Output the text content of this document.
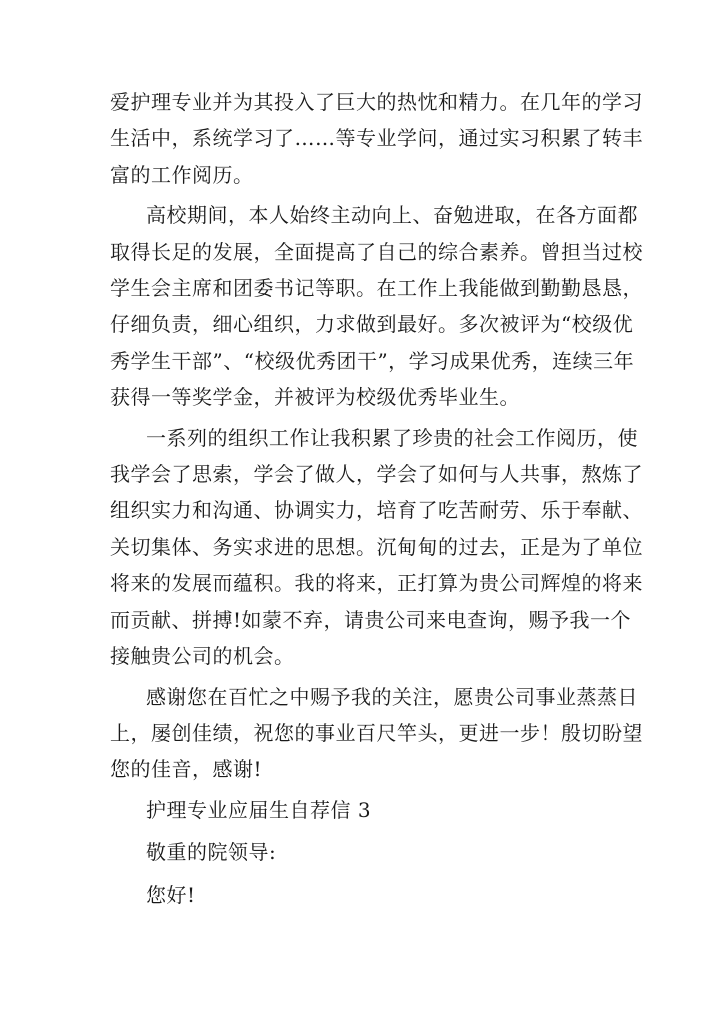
爱护理专业并为其投入了巨大的热忱和精力。在几年的学习
生活中，系统学习了……等专业学问，通过实习积累了转丰
富的工作阅历。
高校期间，本人始终主动向上、奋勉进取，在各方面都
取得长足的发展，全面提高了自己的综合素养。曾担当过校
学生会主席和团委书记等职。在工作上我能做到勤勤恳恳，
仔细负责，细心组织，力求做到最好。多次被评为“校级优
秀学生干部”、“校级优秀团干”，学习成果优秀，连续三年
获得一等奖学金，并被评为校级优秀毕业生。
一系列的组织工作让我积累了珍贵的社会工作阅历，使
我学会了思索，学会了做人，学会了如何与人共事，熬炼了
组织实力和沟通、协调实力，培育了吃苦耐劳、乐于奉献、
关切集体、务实求进的思想。沉甸甸的过去，正是为了单位
将来的发展而蕴积。我的将来，正打算为贵公司辉煌的将来
而贡献、拼搏!如蒙不弃，请贵公司来电查询，赐予我一个
接触贵公司的机会。
感谢您在百忙之中赐予我的关注，愿贵公司事业蒸蒸日
上，屡创佳绩，祝您的事业百尺竿头，更进一步！殷切盼望
您的佳音，感谢!
护理专业应届生自荐信 3
敬重的院领导:
您好!
